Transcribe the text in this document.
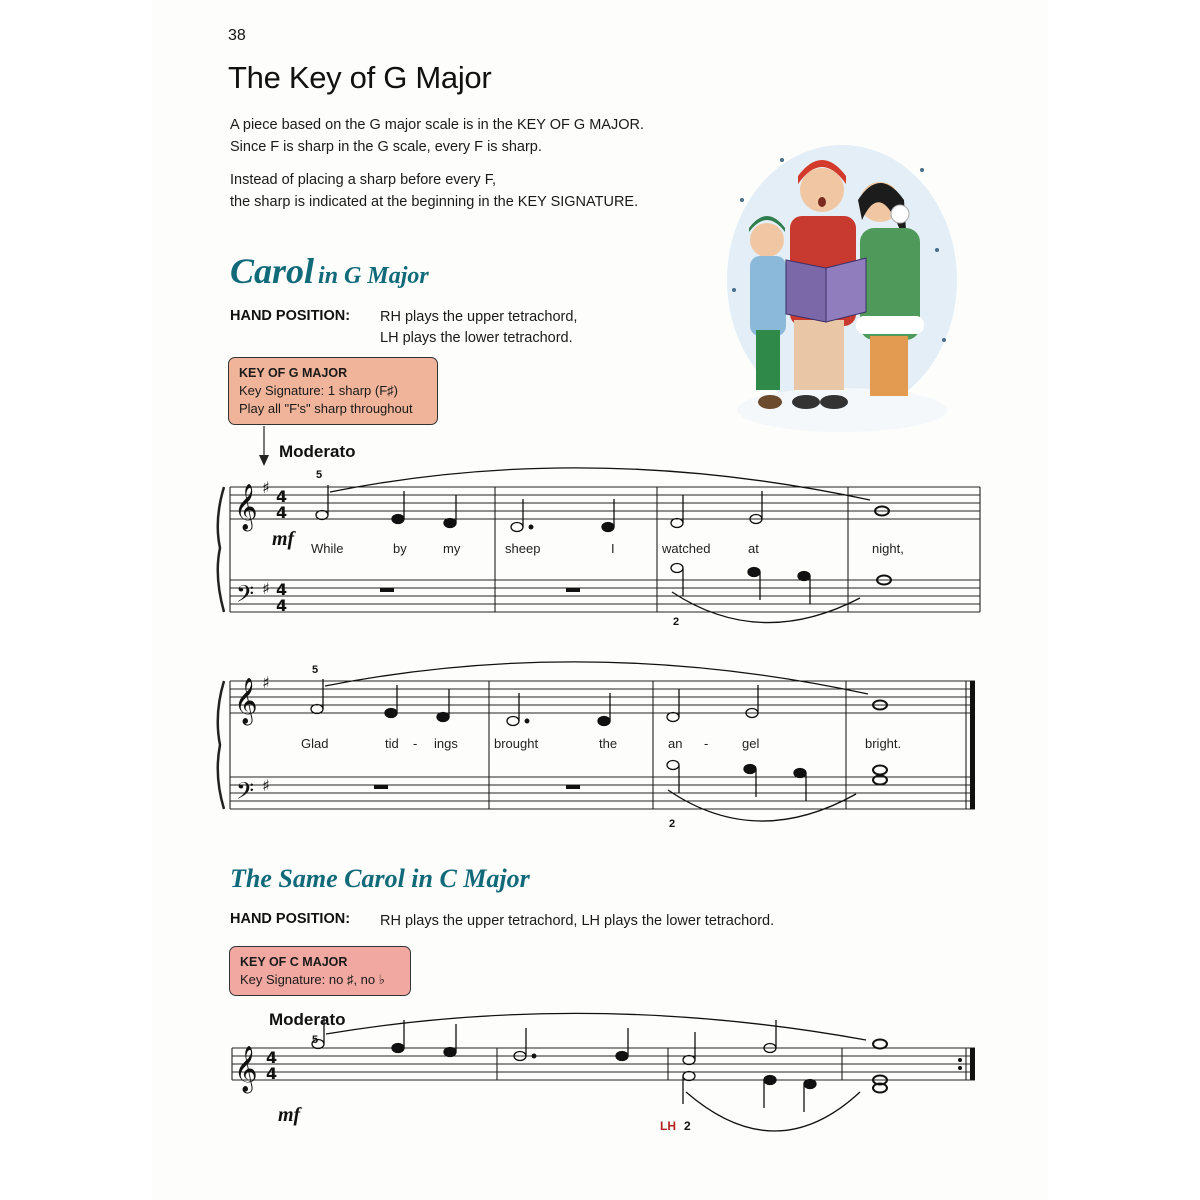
38
The Key of G Major
A piece based on the G major scale is in the KEY OF G MAJOR.
Since F is sharp in the G scale, every F is sharp.
Instead of placing a sharp before every F,
the sharp is indicated at the beginning in the KEY SIGNATURE.
Carol in G Major
HAND POSITION: RH plays the upper tetrachord,
LH plays the lower tetrachord.
KEY OF G MAJOR
Key Signature: 1 sharp (F♯)
Play all "F's" sharp throughout
Moderato
𝄞
𝄢
♯
♯
4
4
4
4
𝄞
𝄢
♯
♯
𝄞 4
4
5
mf
2
While	by	my	sheep	I	watched	at	night,
5
2
Glad	tid - ings	brought	the	an -	gel	bright.
The Same Carol in C Major
HAND POSITION: RH plays the upper tetrachord, LH plays the lower tetrachord.
KEY OF C MAJOR
Key Signature: no ♯, no ♭
Moderato
5
mf	LH 2
